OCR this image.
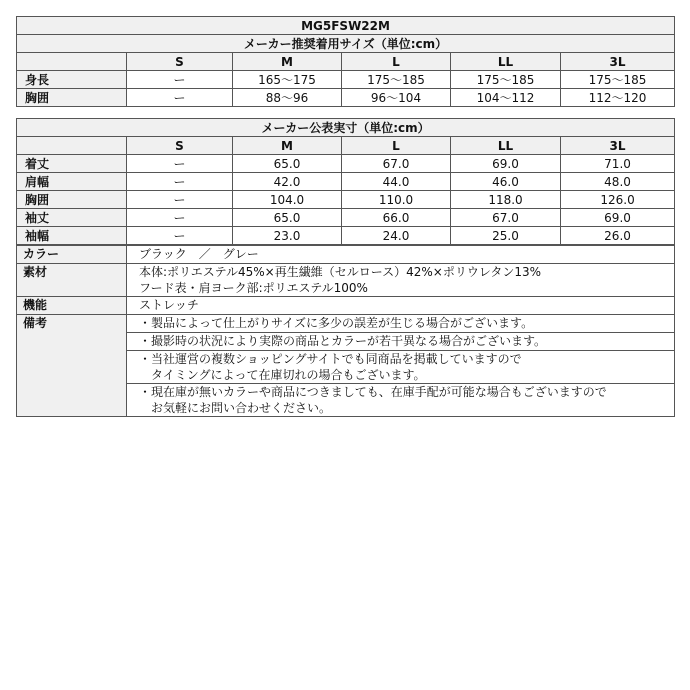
MG5FSW22M					
メーカー推奨着用サイズ（単位:cm）					
	S	M	L	LL	3L
身長	ー	165～175	175～185	175～185	175～185
胸囲	ー	88～96	96～104	104～112	112～120
メーカー公表実寸（単位:cm）					
	S	M	L	LL	3L
着丈	ー	65.0	67.0	69.0	71.0
肩幅	ー	42.0	44.0	46.0	48.0
胸囲	ー	104.0	110.0	118.0	126.0
袖丈	ー	65.0	66.0	67.0	69.0
袖幅	ー	23.0	24.0	25.0	26.0
カラー	ブラック　／　グレー
素材	本体:ポリエステル45%×再生繊維（セルロース）42%×ポリウレタン13%
フード表・肩ヨーク部:ポリエステル100%

機能	ストレッチ
備考	・製品によって仕上がりサイズに多少の誤差が生じる場合がございます。

	・撮影時の状況により実際の商品とカラーが若干異なる場合がございます。

	・当社運営の複数ショッピングサイトでも同商品を掲載していますので
　タイミングによって在庫切れの場合もございます。

	・現在庫が無いカラーや商品につきましても、在庫手配が可能な場合もございますので
　お気軽にお問い合わせください。
